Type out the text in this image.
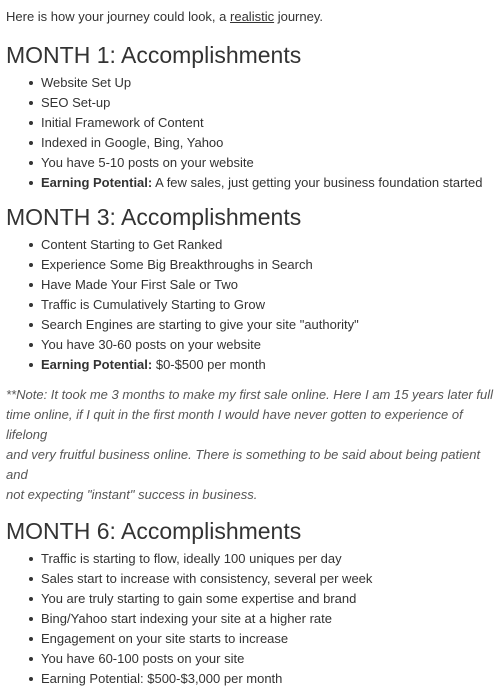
Here is how your journey could look, a realistic journey.

MONTH 1: Accomplishments
Website Set Up
SEO Set-up
Initial Framework of Content
Indexed in Google, Bing, Yahoo
You have 5-10 posts on your website
Earning Potential: A few sales, just getting your business foundation started
MONTH 3: Accomplishments
Content Starting to Get Ranked
Experience Some Big Breakthroughs in Search
Have Made Your First Sale or Two
Traffic is Cumulatively Starting to Grow
Search Engines are starting to give your site "authority"
You have 30-60 posts on your website
Earning Potential: $0-$500 per month

**Note: It took me 3 months to make my first sale online. Here I am 15 years later full
time online, if I quit in the first month I would have never gotten to experience of lifelong
and very fruitful business online. There is something to be said about being patient and
not expecting "instant" success in business.

MONTH 6: Accomplishments
Traffic is starting to flow, ideally 100 uniques per day
Sales start to increase with consistency, several per week
You are truly starting to gain some expertise and brand
Bing/Yahoo start indexing your site at a higher rate
Engagement on your site starts to increase
You have 60-100 posts on your site
Earning Potential: $500-$3,000 per month
